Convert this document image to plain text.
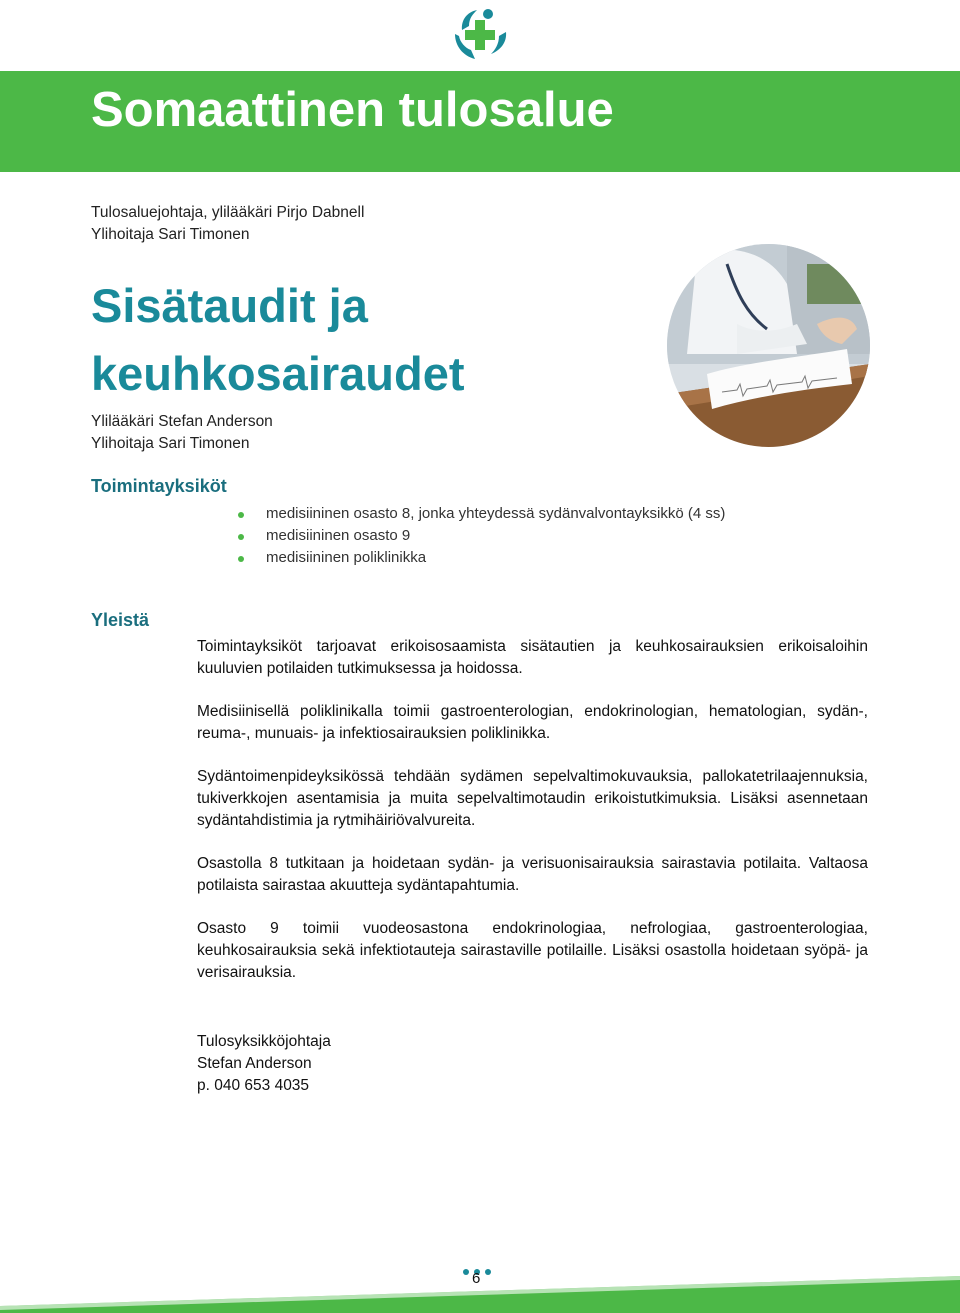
Somaattinen tulosalue
Tulosaluejohtaja, ylilääkäri Pirjo Dabnell
Ylihoitaja Sari Timonen
Sisätaudit ja
keuhkosairaudet
Ylilääkäri Stefan Anderson
Ylihoitaja Sari Timonen
Toimintayksiköt
medisiininen osasto 8, jonka yhteydessä sydänvalvontayksikkö (4 ss)
medisiininen osasto 9
medisiininen poliklinikka
Yleistä

Toimintayksiköt tarjoavat erikoisosaamista sisätautien ja keuhkosairauksien erikoisaloihin kuuluvien potilaiden tutkimuksessa ja hoidossa.

Medisiinisellä poliklinikalla toimii gastroenterologian, endokrinologian, hematologian, sydän-, reuma-, munuais- ja infektiosairauksien poliklinikka.

Sydäntoimenpideyksikössä tehdään sydämen sepelvaltimokuvauksia, pallokatetrilaajennuksia, tukiverkkojen asentamisia ja muita sepelvaltimotaudin erikoistutkimuksia. Lisäksi asennetaan sydäntahdistimia ja rytmihäiriövalvureita.

Osastolla 8 tutkitaan ja hoidetaan sydän- ja verisuonisairauksia sairastavia potilaita. Valtaosa potilaista sairastaa akuutteja sydäntapahtumia.

Osasto 9 toimii vuodeosastona endokrinologiaa, nefrologiaa, gastroenterologiaa, keuhkosairauksia sekä infektiotauteja sairastaville potilaille. Lisäksi osastolla hoidetaan syöpä- ja verisairauksia.

Tulosyksikköjohtaja
Stefan Anderson
p. 040 653 4035
6
